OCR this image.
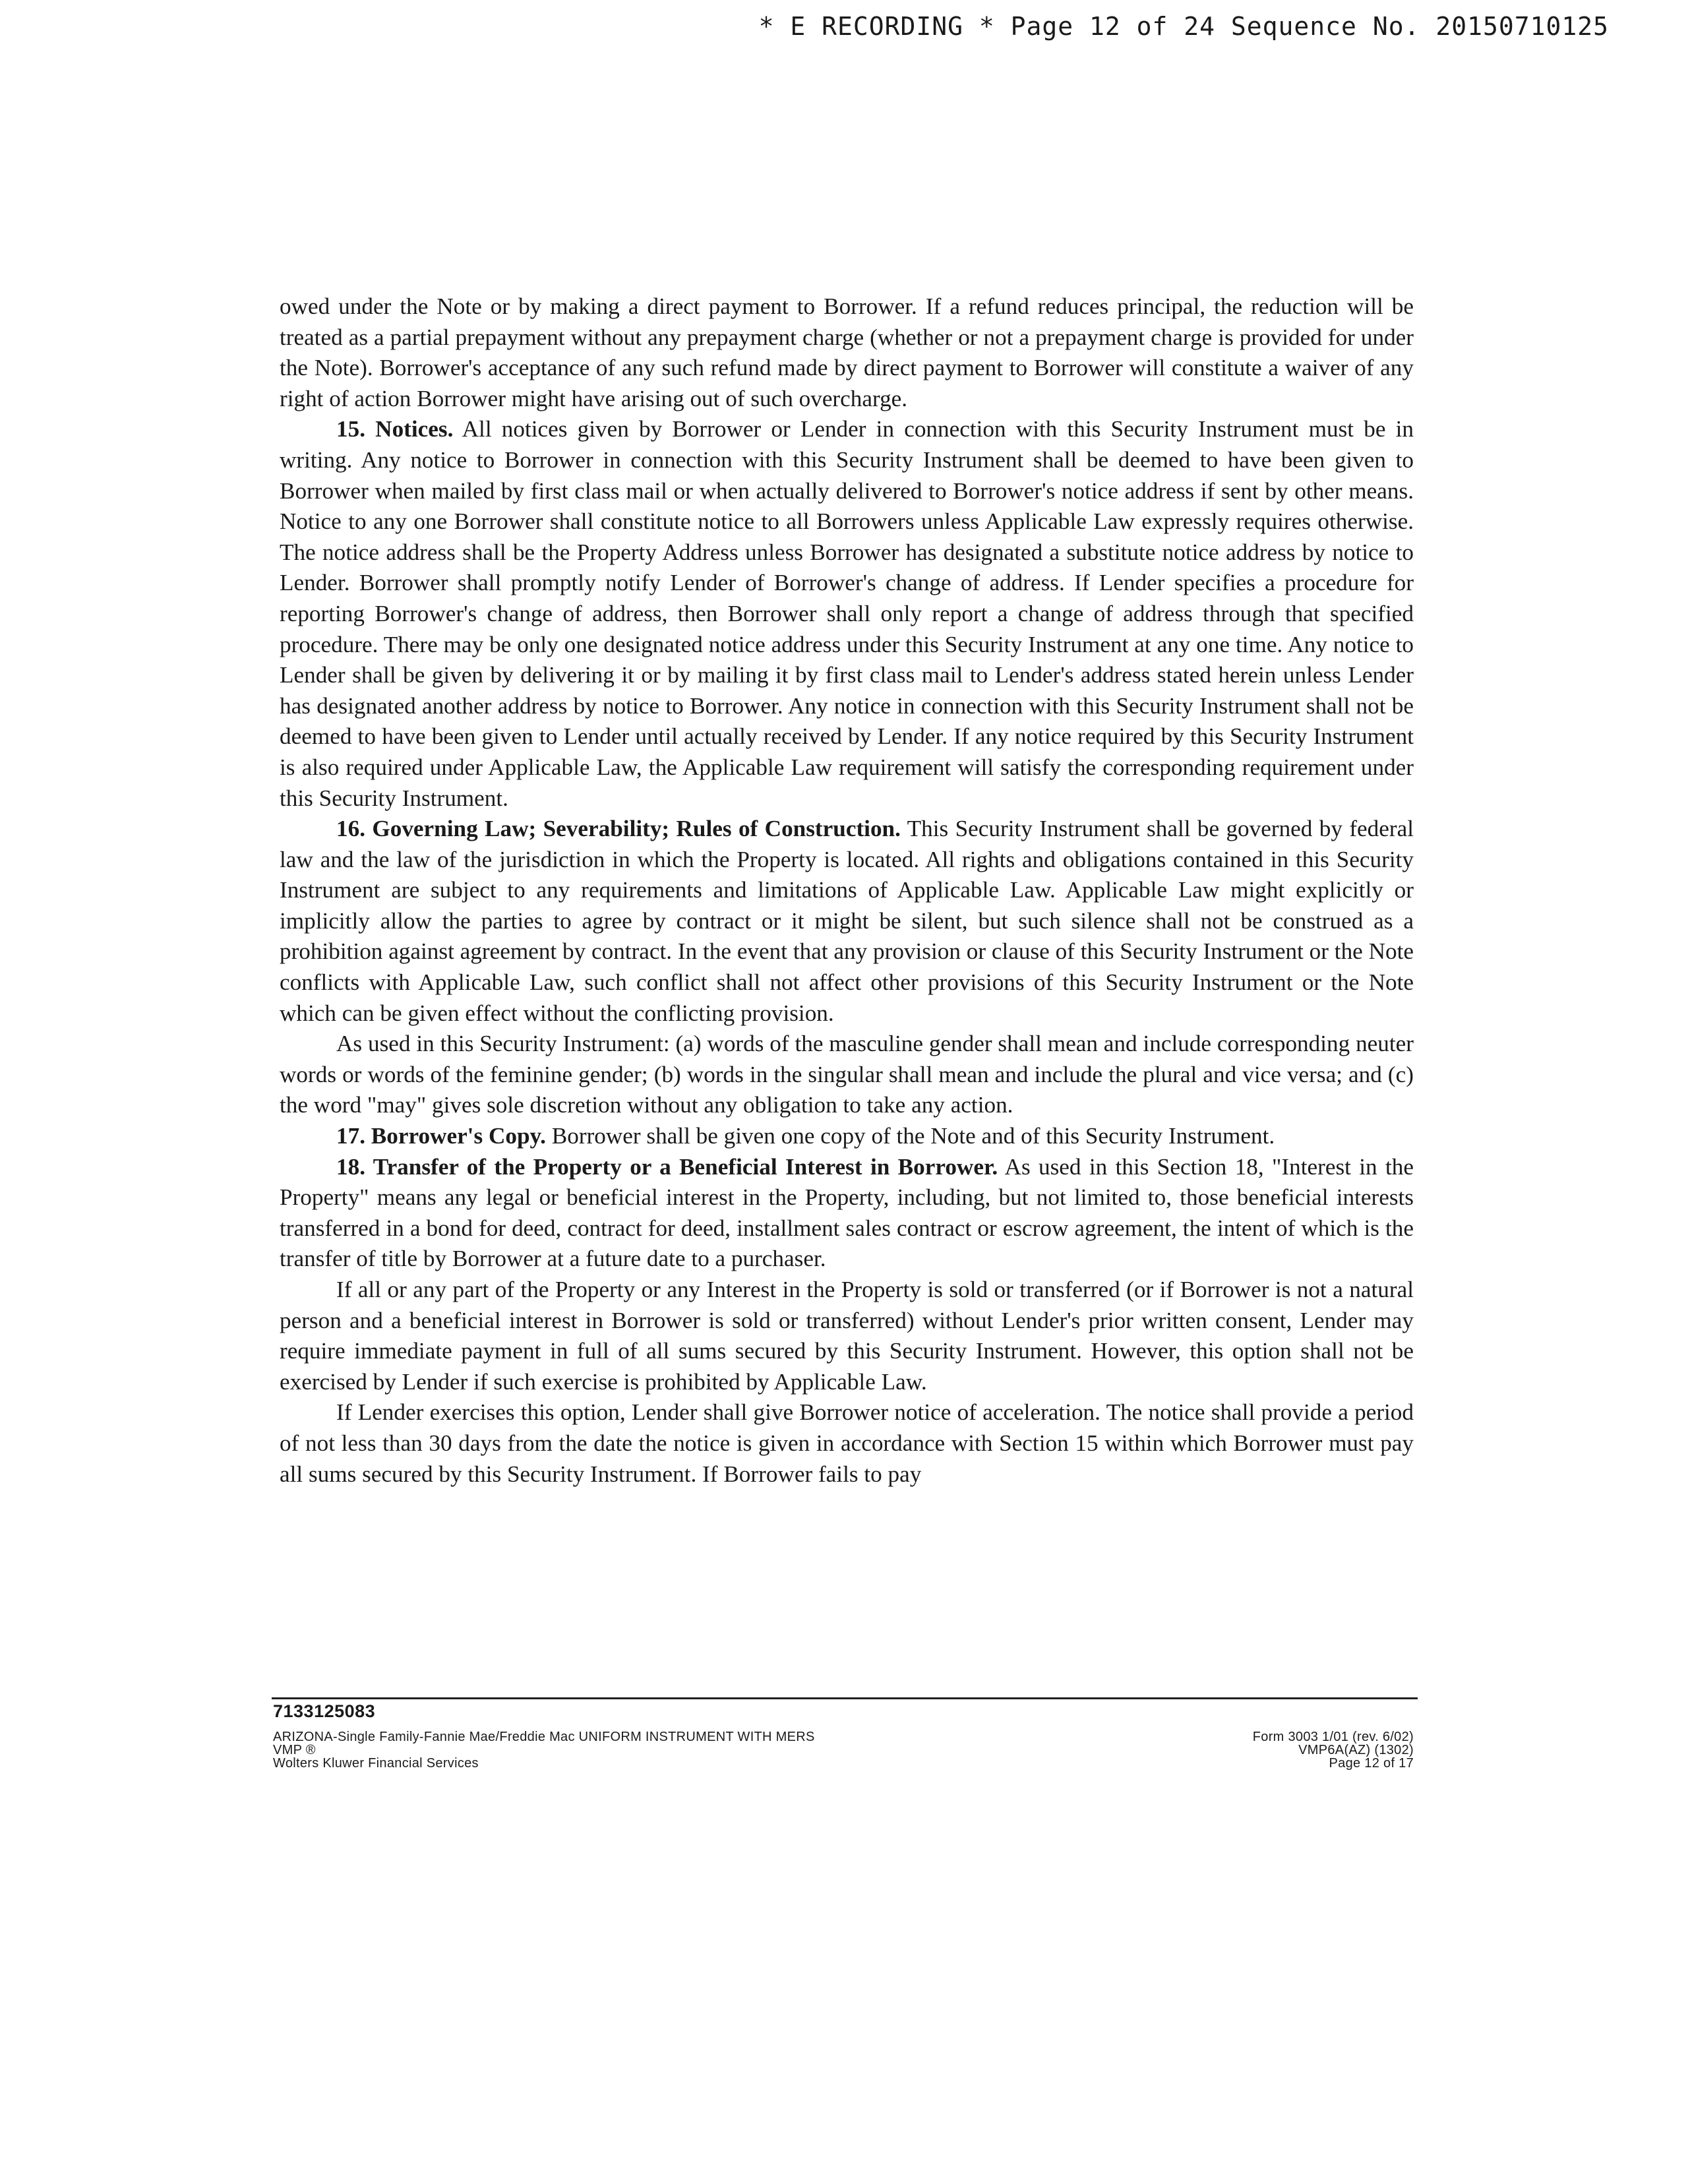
* E RECORDING * Page 12 of 24 Sequence No. 20150710125

owed under the Note or by making a direct payment to Borrower. If a refund reduces principal, the reduction will be treated as a partial prepayment without any prepayment charge (whether or not a prepayment charge is provided for under the Note). Borrower's acceptance of any such refund made by direct payment to Borrower will constitute a waiver of any right of action Borrower might have arising out of such overcharge.

15. Notices. All notices given by Borrower or Lender in connection with this Security Instrument must be in writing. Any notice to Borrower in connection with this Security Instrument shall be deemed to have been given to Borrower when mailed by first class mail or when actually delivered to Borrower's notice address if sent by other means. Notice to any one Borrower shall constitute notice to all Borrowers unless Applicable Law expressly requires otherwise. The notice address shall be the Property Address unless Borrower has designated a substitute notice address by notice to Lender. Borrower shall promptly notify Lender of Borrower's change of address. If Lender specifies a procedure for reporting Borrower's change of address, then Borrower shall only report a change of address through that specified procedure. There may be only one designated notice address under this Security Instrument at any one time. Any notice to Lender shall be given by delivering it or by mailing it by first class mail to Lender's address stated herein unless Lender has designated another address by notice to Borrower. Any notice in connection with this Security Instrument shall not be deemed to have been given to Lender until actually received by Lender. If any notice required by this Security Instrument is also required under Applicable Law, the Applicable Law requirement will satisfy the corresponding requirement under this Security Instrument.

16. Governing Law; Severability; Rules of Construction. This Security Instrument shall be governed by federal law and the law of the jurisdiction in which the Property is located. All rights and obligations contained in this Security Instrument are subject to any requirements and limitations of Applicable Law. Applicable Law might explicitly or implicitly allow the parties to agree by contract or it might be silent, but such silence shall not be construed as a prohibition against agreement by contract. In the event that any provision or clause of this Security Instrument or the Note conflicts with Applicable Law, such conflict shall not affect other provisions of this Security Instrument or the Note which can be given effect without the conflicting provision.

As used in this Security Instrument: (a) words of the masculine gender shall mean and include corresponding neuter words or words of the feminine gender; (b) words in the singular shall mean and include the plural and vice versa; and (c) the word "may" gives sole discretion without any obligation to take any action.

17. Borrower's Copy. Borrower shall be given one copy of the Note and of this Security Instrument.

18. Transfer of the Property or a Beneficial Interest in Borrower. As used in this Section 18, "Interest in the Property" means any legal or beneficial interest in the Property, including, but not limited to, those beneficial interests transferred in a bond for deed, contract for deed, installment sales contract or escrow agreement, the intent of which is the transfer of title by Borrower at a future date to a purchaser.

If all or any part of the Property or any Interest in the Property is sold or transferred (or if Borrower is not a natural person and a beneficial interest in Borrower is sold or transferred) without Lender's prior written consent, Lender may require immediate payment in full of all sums secured by this Security Instrument. However, this option shall not be exercised by Lender if such exercise is prohibited by Applicable Law.

If Lender exercises this option, Lender shall give Borrower notice of acceleration. The notice shall provide a period of not less than 30 days from the date the notice is given in accordance with Section 15 within which Borrower must pay all sums secured by this Security Instrument. If Borrower fails to pay

7133125083
ARIZONA-Single Family-Fannie Mae/Freddie Mac UNIFORM INSTRUMENT WITH MERS
VMP ®
Wolters Kluwer Financial Services
Form 3003 1/01 (rev. 6/02)
VMP6A(AZ) (1302)
Page 12 of 17
